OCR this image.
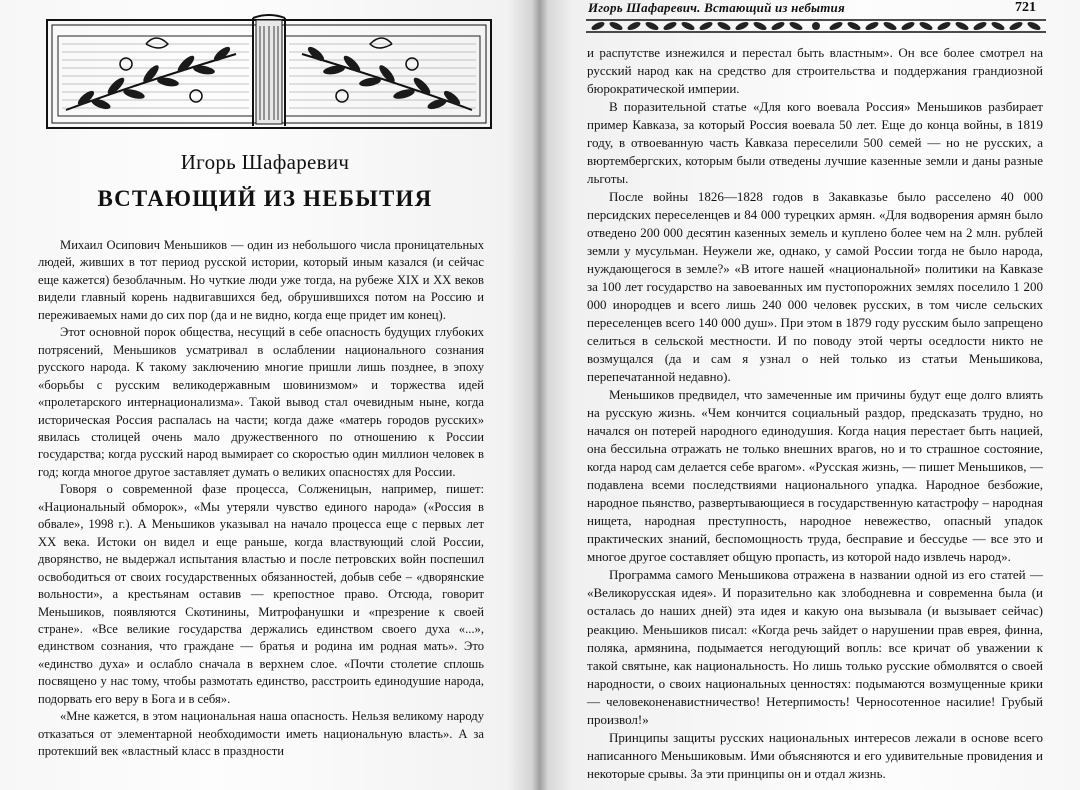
Игорь Шафаревич
ВСТАЮЩИЙ ИЗ НЕБЫТИЯ

Михаил Осипович Меньшиков — один из небольшого числа проницательных людей, живших в тот период русской истории, который иным казался (и сейчас еще кажется) безоблачным. Но чуткие люди уже тогда, на рубеже XIX и XX веков видели главный корень надвигавшихся бед, обрушившихся потом на Россию и переживаемых нами до сих пор (да и не видно, когда еще придет им конец).

Этот основной порок общества, несущий в себе опасность будущих глубоких потрясений, Меньшиков усматривал в ослаблении национального сознания русского народа. К такому заключению многие пришли лишь позднее, в эпоху «борьбы с русским великодержавным шовинизмом» и торжества идей «пролетарского интернационализма». Такой вывод стал очевидным ныне, когда историческая Россия распалась на части; когда даже «матерь городов русских» явилась столицей очень мало дружественного по отношению к России государства; когда русский народ вымирает со скоростью один миллион человек в год; когда многое другое заставляет думать о великих опасностях для России.

Говоря о современной фазе процесса, Солженицын, например, пишет: «Национальный обморок», «Мы утеряли чувство единого народа» («Россия в обвале», 1998 г.). А Меньшиков указывал на начало процесса еще с первых лет XX века. Истоки он видел и еще раньше, когда властвующий слой России, дворянство, не выдержал испытания властью и после петровских войн поспешил освободиться от своих государственных обязанностей, добыв себе – «дворянские вольности», а крестьянам оставив — крепостное право. Отсюда, говорит Меньшиков, появляются Скотинины, Митрофанушки и «презрение к своей стране». «Все великие государства держались единством своего духа «...», единством сознания, что граждане — братья и родина им родная мать». Это «единство духа» и ослабло сначала в верхнем слое. «Почти столетие сплошь посвящено у нас тому, чтобы размотать единство, расстроить единодушие народа, подорвать его веру в Бога и в себя».

«Мне кажется, в этом национальная наша опасность. Нельзя великому народу отказаться от элементарной необходимости иметь национальную власть». А за протекший век «властный класс в праздности

Игорь Шафаревич. Встающий из небытия	721

и распутстве изнежился и перестал быть властным». Он все более смотрел на русский народ как на средство для строительства и поддержания грандиозной бюрократической империи.

В поразительной статье «Для кого воевала Россия» Меньшиков разбирает пример Кавказа, за который Россия воевала 50 лет. Еще до конца войны, в 1819 году, в отвоеванную часть Кавказа переселили 500 семей — но не русских, а вюртембергских, которым были отведены лучшие казенные земли и даны разные льготы.

После войны 1826—1828 годов в Закавказье было расселено 40 000 персидских переселенцев и 84 000 турецких армян. «Для водворения армян было отведено 200 000 десятин казенных земель и куплено более чем на 2 млн. рублей земли у мусульман. Неужели же, однако, у самой России тогда не было народа, нуждающегося в земле?» «В итоге нашей «национальной» политики на Кавказе за 100 лет государство на завоеванных им пустопорожних землях поселило 1 200 000 инородцев и всего лишь 240 000 человек русских, в том числе сельских переселенцев всего 140 000 душ». При этом в 1879 году русским было запрещено селиться в сельской местности. И по поводу этой черты оседлости никто не возмущался (да и сам я узнал о ней только из статьи Меньшикова, перепечатанной недавно).

Меньшиков предвидел, что замеченные им причины будут еще долго влиять на русскую жизнь. «Чем кончится социальный раздор, предсказать трудно, но начался он потерей народного единодушия. Когда нация перестает быть нацией, она бессильна отражать не только внешних врагов, но и то страшное состояние, когда народ сам делается себе врагом». «Русская жизнь, — пишет Меньшиков, — подавлена всеми последствиями национального упадка. Народное безбожие, народное пьянство, развертывающиеся в государственную катастрофу – народная нищета, народная преступность, народное невежество, опасный упадок практических знаний, беспомощность труда, бесправие и бессудье — все это и многое другое составляет общую пропасть, из которой надо извлечь народ».

Программа самого Меньшикова отражена в названии одной из его статей — «Великорусская идея». И поразительно как злободневна и современна была (и осталась до наших дней) эта идея и какую она вызывала (и вызывает сейчас) реакцию. Меньшиков писал: «Когда речь зайдет о нарушении прав еврея, финна, поляка, армянина, подымается негодующий вопль: все кричат об уважении к такой святыне, как национальность. Но лишь только русские обмолвятся о своей народности, о своих национальных ценностях: подымаются возмущенные крики — человеконенавистничество! Нетерпимость! Черносотенное насилие! Грубый произвол!»

Принципы защиты русских национальных интересов лежали в основе всего написанного Меньшиковым. Ими объясняются и его удивительные провидения и некоторые срывы. За эти принципы он и отдал жизнь.
